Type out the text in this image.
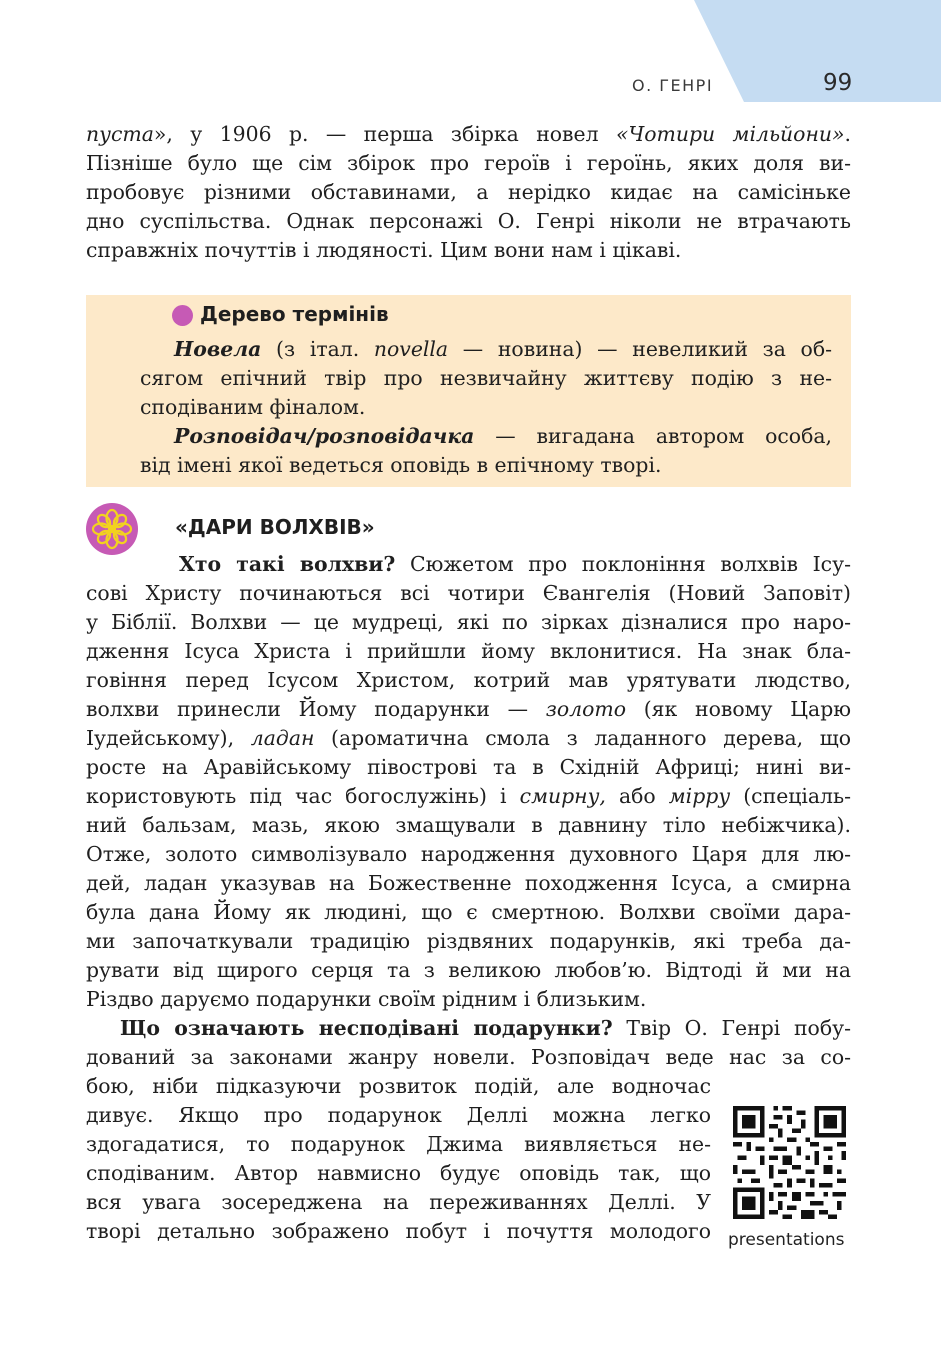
О. ГЕНРІ	99
пуста», у 1906 р. — перша збірка новел «Чотири мільйони».
Пізніше було ще сім збірок про героїв і героїнь, яких доля ви-
пробовує різними обставинами, а нерідко кидає на самісіньке
дно суспільства. Однак персонажі О. Генрі ніколи не втрачають
справжніх почуттів і людяності. Цим вони нам і цікаві.
Дерево термінів
Новела (з італ. novella — новина) — невеликий за об-
сягом епічний твір про незвичайну життєву подію з не-
сподіваним фіналом.
Розповідач/розповідачка — вигадана автором особа,
від імені якої ведеться оповідь в епічному творі.
«ДАРИ ВОЛХВІВ»
Хто такі волхви? Сюжетом про поклоніння волхвів Ісу-
сові Христу починаються всі чотири Євангелія (Новий Заповіт)
у Біблії. Волхви — це мудреці, які по зірках дізналися про наро-
дження Ісуса Христа і прийшли йому вклонитися. На знак бла-
говіння перед Ісусом Христом, котрий мав урятувати людство,
волхви принесли Йому подарунки — золото (як новому Царю
Іудейському), ладан (ароматична смола з ладанного дерева, що
росте на Аравійському півострові та в Східній Африці; нині ви-
користовують під час богослужінь) і смирну, або мірру (спеціаль-
ний бальзам, мазь, якою змащували в давнину тіло небіжчика).
Отже, золото символізувало народження духовного Царя для лю-
дей, ладан указував на Божественне походження Ісуса, а смирна
була дана Йому як людині, що є смертною. Волхви своїми дара-
ми започаткували традицію різдвяних подарунків, які треба да-
рувати від щирого серця та з великою любов’ю. Відтоді й ми на
Різдво даруємо подарунки своїм рідним і близьким.
Що означають несподівані подарунки? Твір О. Генрі побу-
дований за законами жанру новели. Розповідач веде нас за со-
бою, ніби підказуючи розвиток подій, але водночас
дивує. Якщо про подарунок Деллі можна легко
здогадатися, то подарунок Джима виявляється не-
сподіваним. Автор навмисно будує оповідь так, що
вся увага зосереджена на переживаннях Деллі. У
творі детально зображено побут і почуття молодого presentations
